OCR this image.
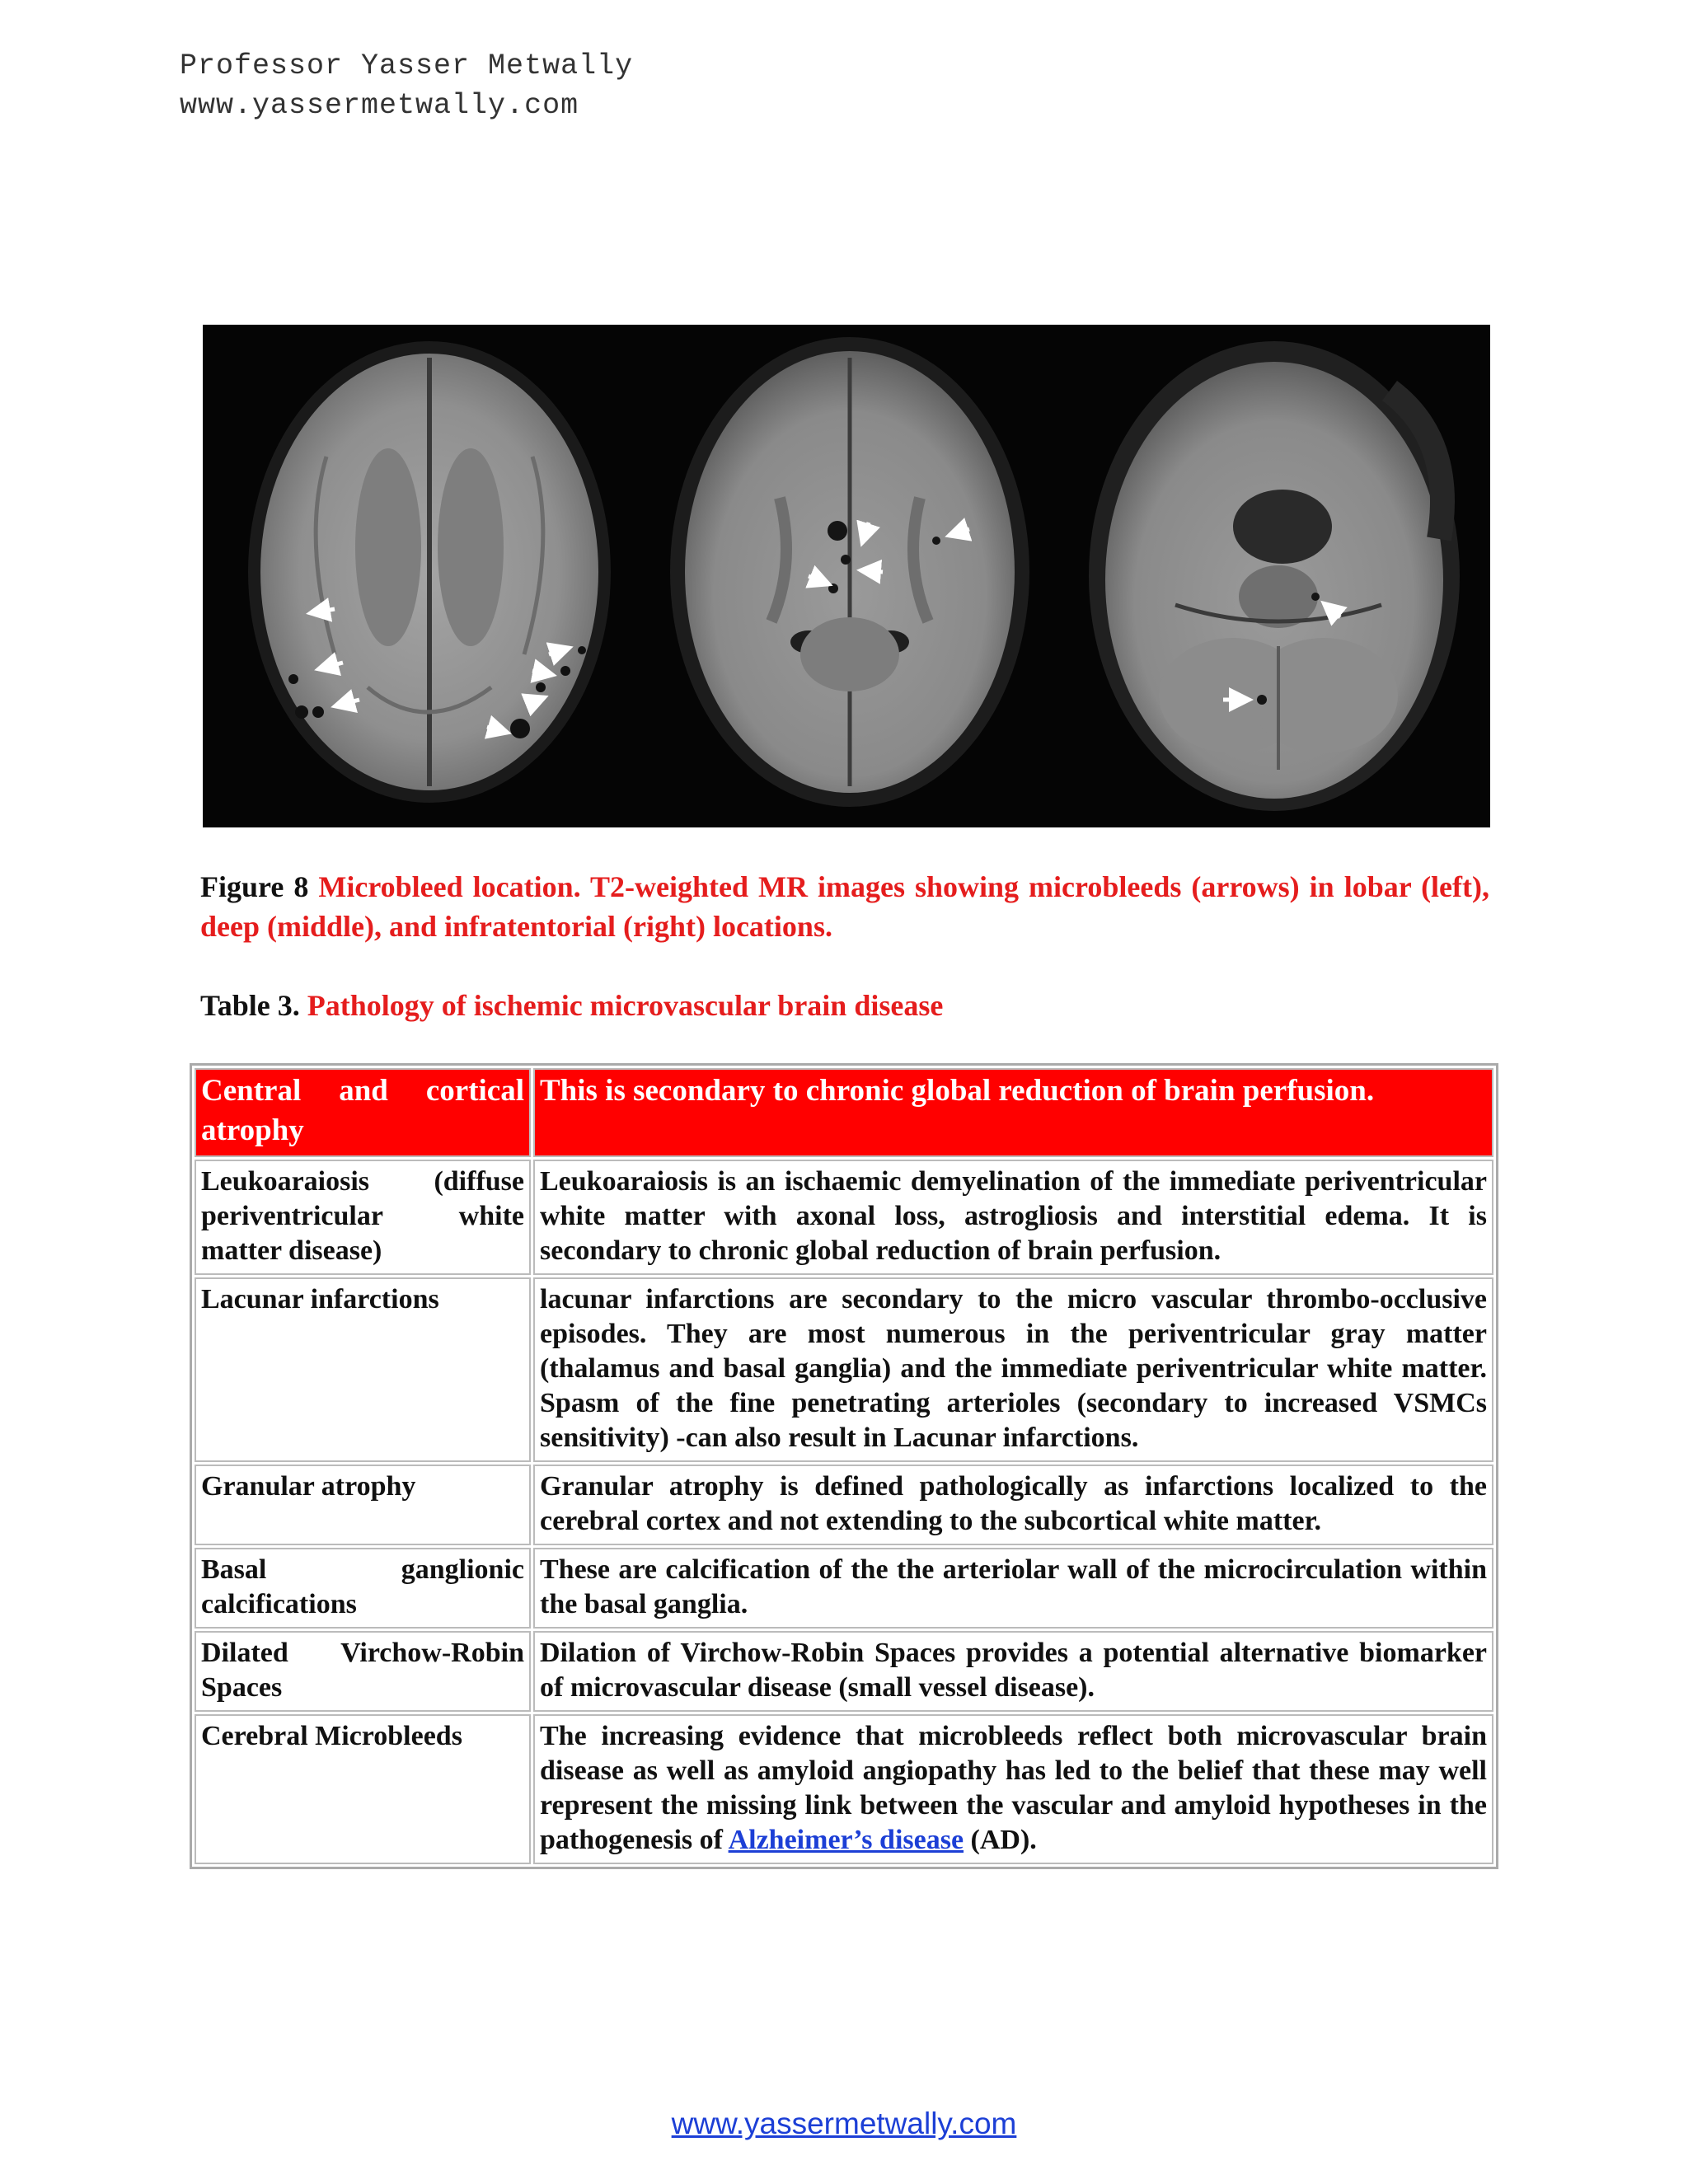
Professor Yasser Metwally
www.yassermetwally.com
Figure 8 Microbleed location. T2-weighted MR images showing microbleeds (arrows) in lobar (left), deep (middle), and infratentorial (right) locations.
Table 3. Pathology of ischemic microvascular brain disease
Central and cortical atrophy	This is secondary to chronic global reduction of brain perfusion.
Leukoaraiosis (diffuse periventricular white matter disease)	Leukoaraiosis is an ischaemic demyelination of the immediate periventricular white matter with axonal loss, astrogliosis and interstitial edema. It is secondary to chronic global reduction of brain perfusion.
Lacunar infarctions	lacunar infarctions are secondary to the micro vascular thrombo-occlusive episodes. They are most numerous in the periventricular gray matter (thalamus and basal ganglia) and the immediate periventricular white matter. Spasm of the fine penetrating arterioles (secondary to increased VSMCs sensitivity) -can also result in Lacunar infarctions.
Granular atrophy	Granular atrophy is defined pathologically as infarctions localized to the cerebral cortex and not extending to the subcortical white matter.
Basal ganglionic calcifications	These are calcification of the the arteriolar wall of the microcirculation within the basal ganglia.
Dilated Virchow-Robin Spaces	Dilation of Virchow-Robin Spaces provides a potential alternative biomarker of microvascular disease (small vessel disease).
Cerebral Microbleeds	The increasing evidence that microbleeds reflect both microvascular brain disease as well as amyloid angiopathy has led to the belief that these may well represent the missing link between the vascular and amyloid hypotheses in the pathogenesis of Alzheimer’s disease (AD).
www.yassermetwally.com
